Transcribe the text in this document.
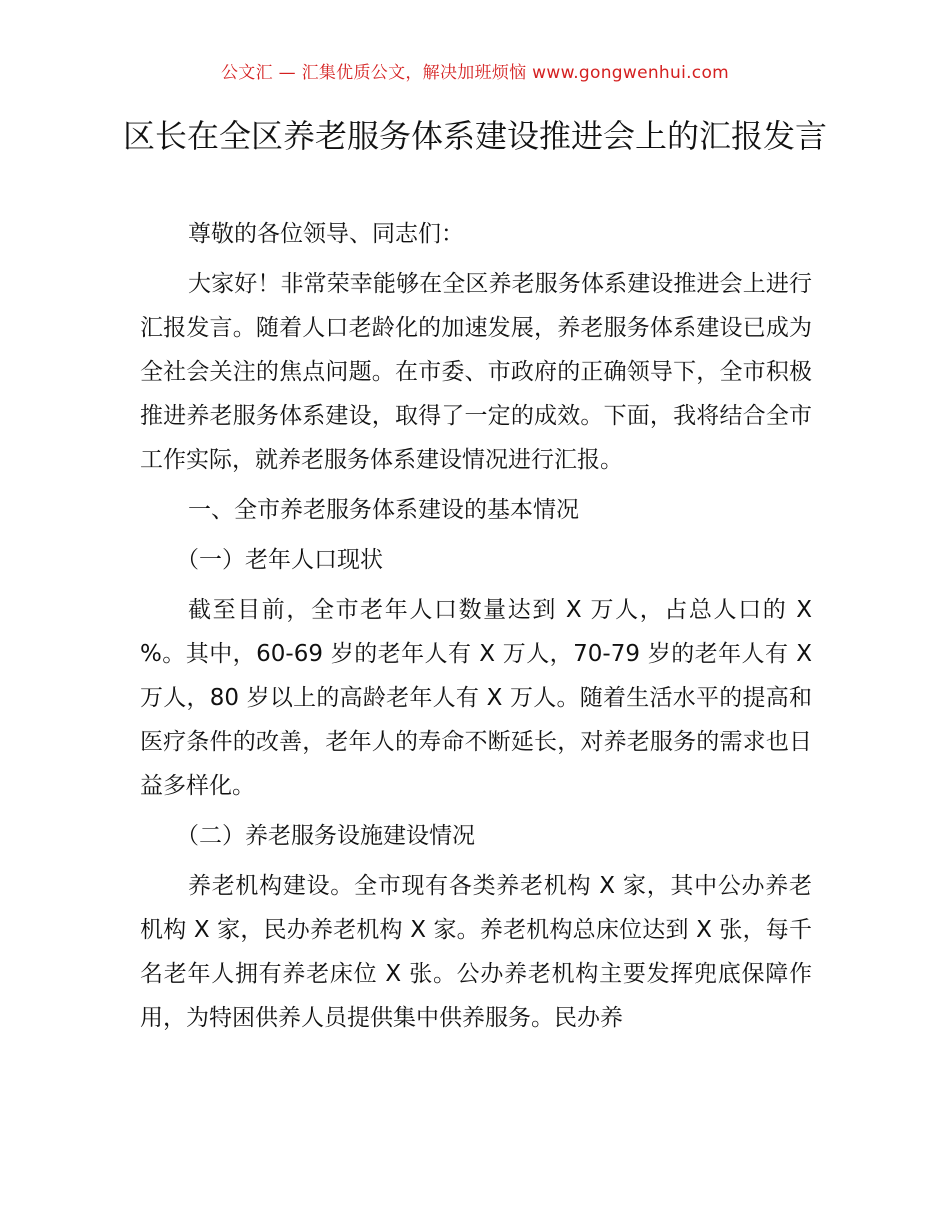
公文汇 — 汇集优质公文，解决加班烦恼 www.gongwenhui.com
区长在全区养老服务体系建设推进会上的汇报发言

尊敬的各位领导、同志们：

大家好！非常荣幸能够在全区养老服务体系建设推进会上进行汇报发言。随着人口老龄化的加速发展，养老服务体系建设已成为全社会关注的焦点问题。在市委、市政府的正确领导下，全市积极推进养老服务体系建设，取得了一定的成效。下面，我将结合全市工作实际，就养老服务体系建设情况进行汇报。

一、全市养老服务体系建设的基本情况

（一）老年人口现状

截至目前，全市老年人口数量达到 X 万人，占总人口的 X %。其中，60-69 岁的老年人有 X 万人，70-79 岁的老年人有 X 万人，80 岁以上的高龄老年人有 X 万人。随着生活水平的提高和医疗条件的改善，老年人的寿命不断延长，对养老服务的需求也日益多样化。

（二）养老服务设施建设情况

养老机构建设。全市现有各类养老机构 X 家，其中公办养老机构 X 家，民办养老机构 X 家。养老机构总床位达到 X 张，每千名老年人拥有养老床位 X 张。公办养老机构主要发挥兜底保障作用，为特困供养人员提供集中供养服务。民办养
